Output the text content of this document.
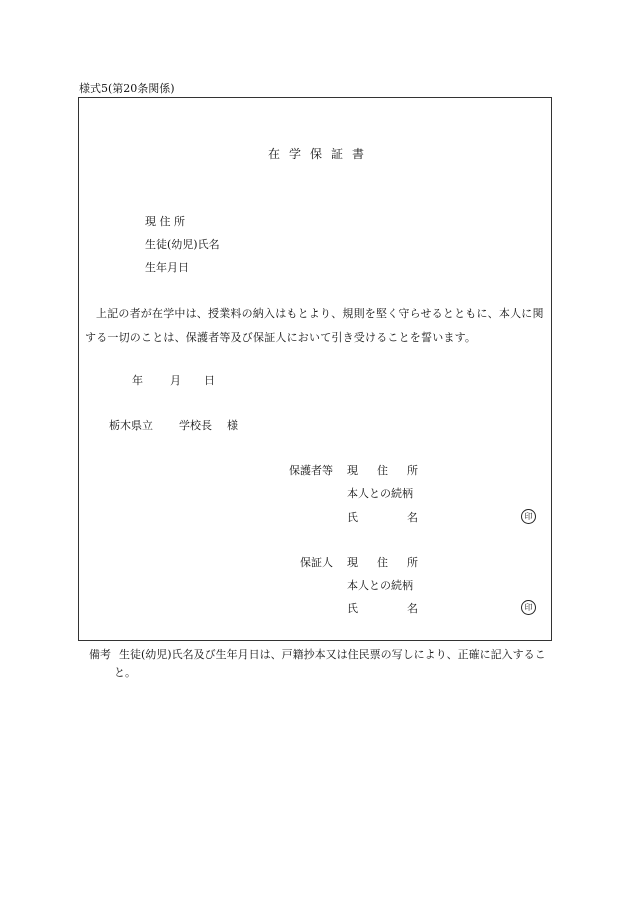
様式5(第20条関係)
在学保証書
現 住 所
生徒(幼児)氏名
生年月日
上記の者が在学中は、授業料の納入はもとより、規則を堅く守らせるとともに、本人に関する一切のことは、保護者等及び保証人において引き受けることを誓います。
年 月 日
栃木県立 学校長 様
保護者等 現 住 所
本人との続柄
氏	名	印
保証人 現 住 所
本人との続柄
氏	名	印
備考 生徒(幼児)氏名及び生年月日は、戸籍抄本又は住民票の写しにより、正確に記入すること。
